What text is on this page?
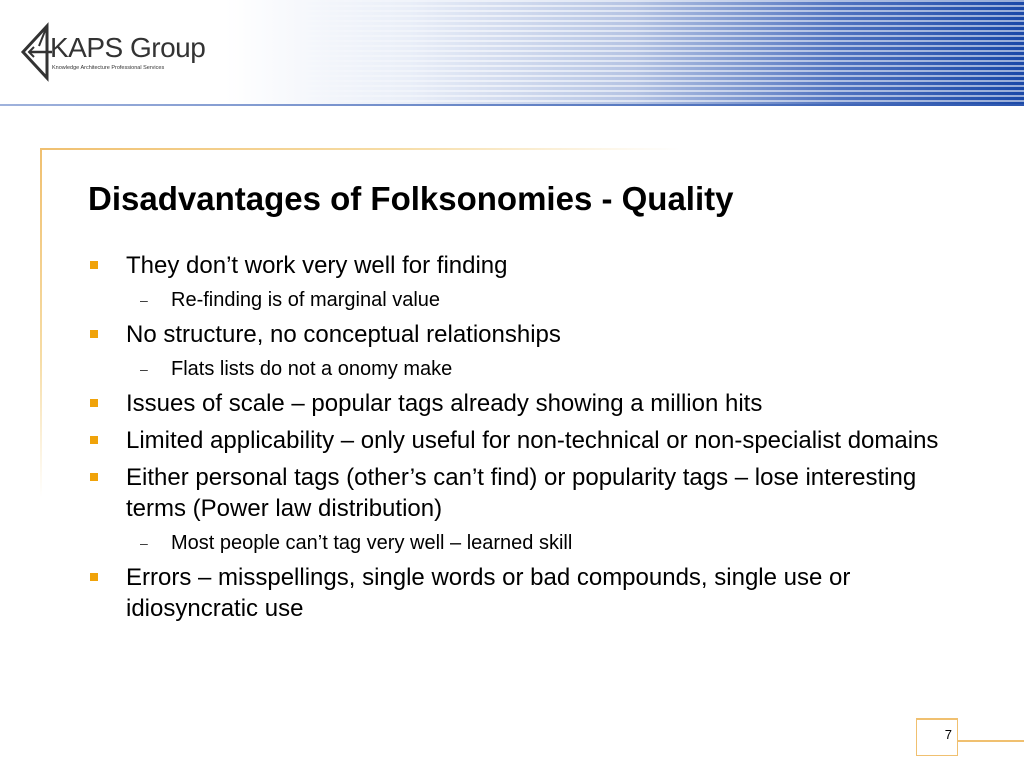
KAPS Group
Knowledge Architecture Professional Services
Disadvantages of Folksonomies - Quality
They don’t work very well for finding
– Re-finding is of marginal value
No structure, no conceptual relationships
– Flats lists do not a onomy make
Issues of scale – popular tags already showing a million hits
Limited applicability – only useful for non-technical or non-specialist domains
Either personal tags (other’s can’t find) or popularity tags – lose interesting terms (Power law distribution)
– Most people can’t tag very well – learned skill
Errors – misspellings, single words or bad compounds, single use or idiosyncratic use
7
